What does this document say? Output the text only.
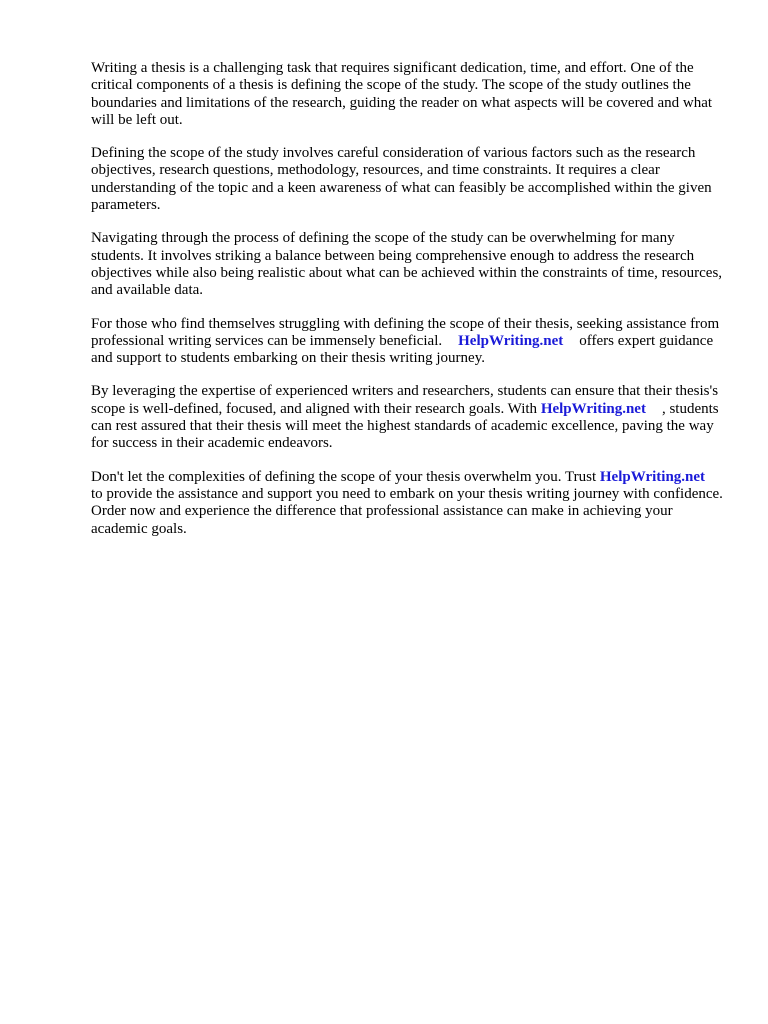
Writing a thesis is a challenging task that requires significant dedication, time, and effort. One of the critical components of a thesis is defining the scope of the study. The scope of the study outlines the boundaries and limitations of the research, guiding the reader on what aspects will be covered and what will be left out.

Defining the scope of the study involves careful consideration of various factors such as the research objectives, research questions, methodology, resources, and time constraints. It requires a clear understanding of the topic and a keen awareness of what can feasibly be accomplished within the given parameters.

Navigating through the process of defining the scope of the study can be overwhelming for many students. It involves striking a balance between being comprehensive enough to address the research objectives while also being realistic about what can be achieved within the constraints of time, resources, and available data.

For those who find themselves struggling with defining the scope of their thesis, seeking assistance from professional writing services can be immensely beneficial. HelpWriting.net offers expert guidance and support to students embarking on their thesis writing journey.

By leveraging the expertise of experienced writers and researchers, students can ensure that their thesis's scope is well-defined, focused, and aligned with their research goals. With HelpWriting.net , students can rest assured that their thesis will meet the highest standards of academic excellence, paving the way for success in their academic endeavors.

Don't let the complexities of defining the scope of your thesis overwhelm you. Trust HelpWriting.netto provide the assistance and support you need to embark on your thesis writing journey with confidence. Order now and experience the difference that professional assistance can make in achieving your academic goals.
